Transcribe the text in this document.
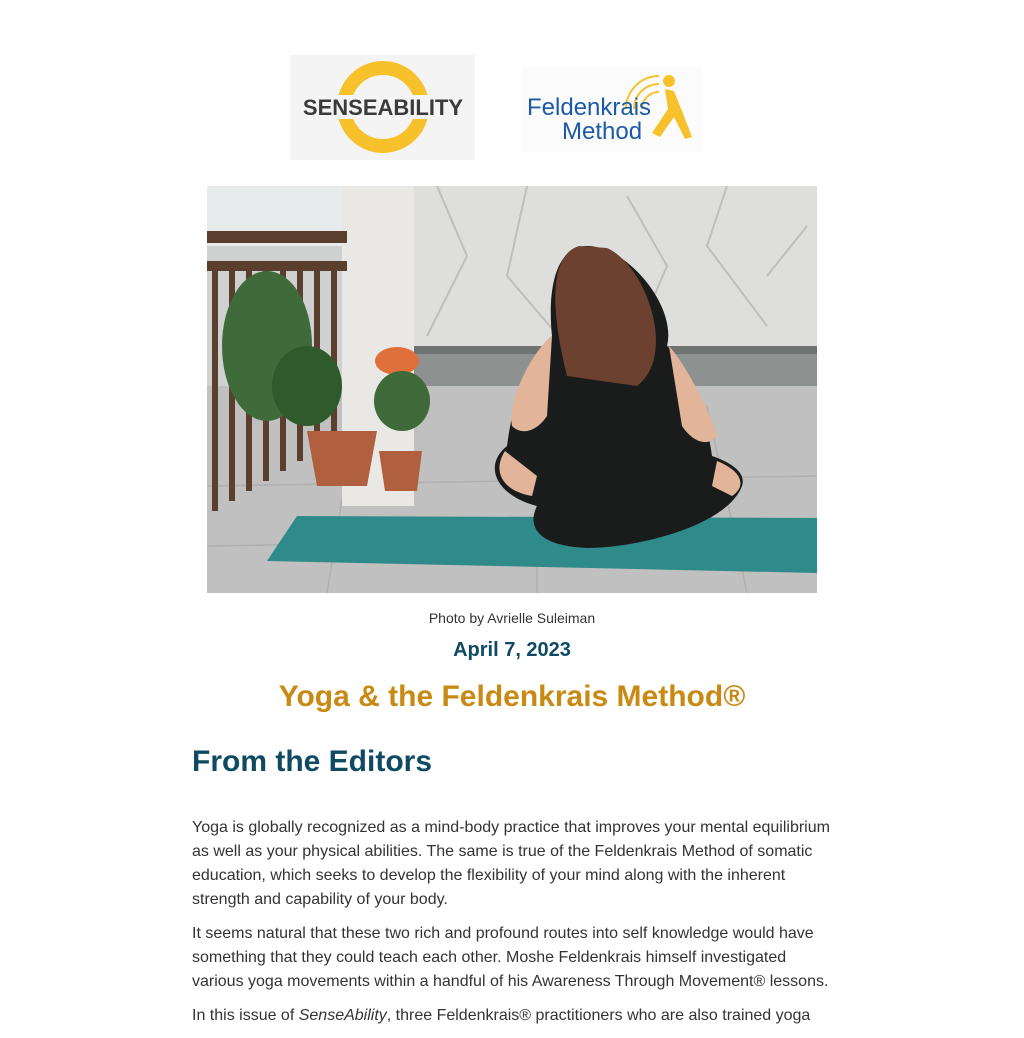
SENSEABILITY	Feldenkrais
Method
Photo by Avrielle Suleiman
April 7, 2023
Yoga & the Feldenkrais Method®
From the Editors

Yoga is globally recognized as a mind-body practice that improves your mental equilibrium as well as your physical abilities. The same is true of the Feldenkrais Method of somatic education, which seeks to develop the flexibility of your mind along with the inherent strength and capability of your body.

It seems natural that these two rich and profound routes into self knowledge would have something that they could teach each other. Moshe Feldenkrais himself investigated various yoga movements within a handful of his Awareness Through Movement® lessons.

In this issue of SenseAbility, three Feldenkrais® practitioners who are also trained yoga
